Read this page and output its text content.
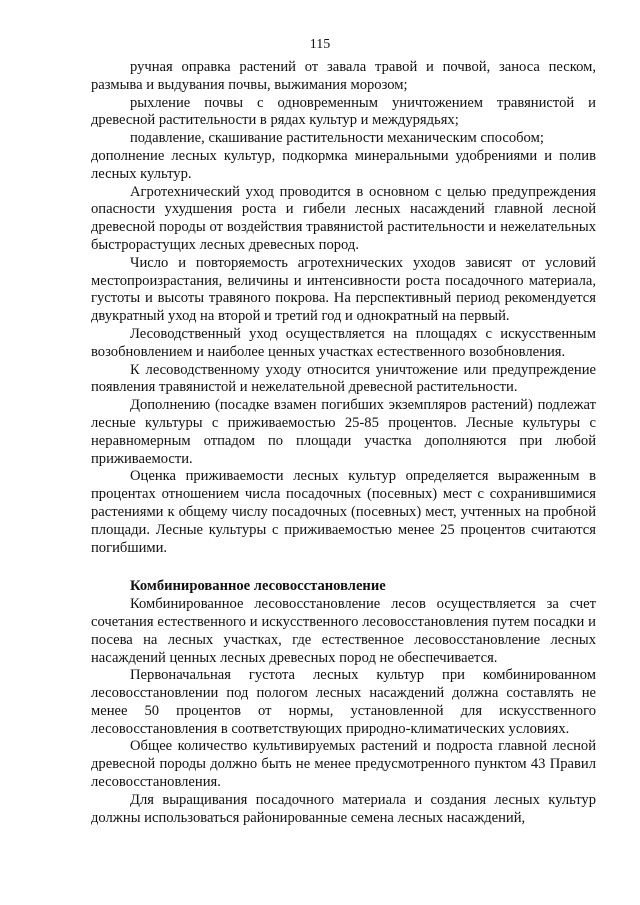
115

ручная оправка растений от завала травой и почвой, заноса песком, размыва и выдувания почвы, выжимания морозом;

рыхление почвы с одновременным уничтожением травянистой и древесной растительности в рядах культур и междурядьях;

подавление, скашивание растительности механическим способом;

дополнение лесных культур, подкормка минеральными удобрениями и полив лесных культур.

Агротехнический уход проводится в основном с целью предупреждения опасности ухудшения роста и гибели лесных насаждений главной лесной древесной породы от воздействия травянистой растительности и нежелательных быстрорастущих лесных древесных пород.

Число и повторяемость агротехнических уходов зависят от условий местопроизрастания, величины и интенсивности роста посадочного материала, густоты и высоты травяного покрова. На перспективный период рекомендуется двукратный уход на второй и третий год и однократный на первый.

Лесоводственный уход осуществляется на площадях с искусственным возобновлением и наиболее ценных участках естественного возобновления.

К лесоводственному уходу относится уничтожение или предупреждение появления травянистой и нежелательной древесной растительности.

Дополнению (посадке взамен погибших экземпляров растений) подлежат лесные культуры с приживаемостью 25-85 процентов. Лесные культуры с неравномерным отпадом по площади участка дополняются при любой приживаемости.

Оценка приживаемости лесных культур определяется выраженным в процентах отношением числа посадочных (посевных) мест с сохранившимися растениями к общему числу посадочных (посевных) мест, учтенных на пробной площади. Лесные культуры с приживаемостью менее 25 процентов считаются погибшими.

Комбинированное лесовосстановление

Комбинированное лесовосстановление лесов осуществляется за счет сочетания естественного и искусственного лесовосстановления путем посадки и посева на лесных участках, где естественное лесовосстановление лесных насаждений ценных лесных древесных пород не обеспечивается.

Первоначальная густота лесных культур при комбинированном лесовосстановлении под пологом лесных насаждений должна составлять не менее 50 процентов от нормы, установленной для искусственного лесовосстановления в соответствующих природно-климатических условиях.

Общее количество культивируемых растений и подроста главной лесной древесной породы должно быть не менее предусмотренного пунктом 43 Правил лесовосстановления.

Для выращивания посадочного материала и создания лесных культур должны использоваться районированные семена лесных насаждений,
